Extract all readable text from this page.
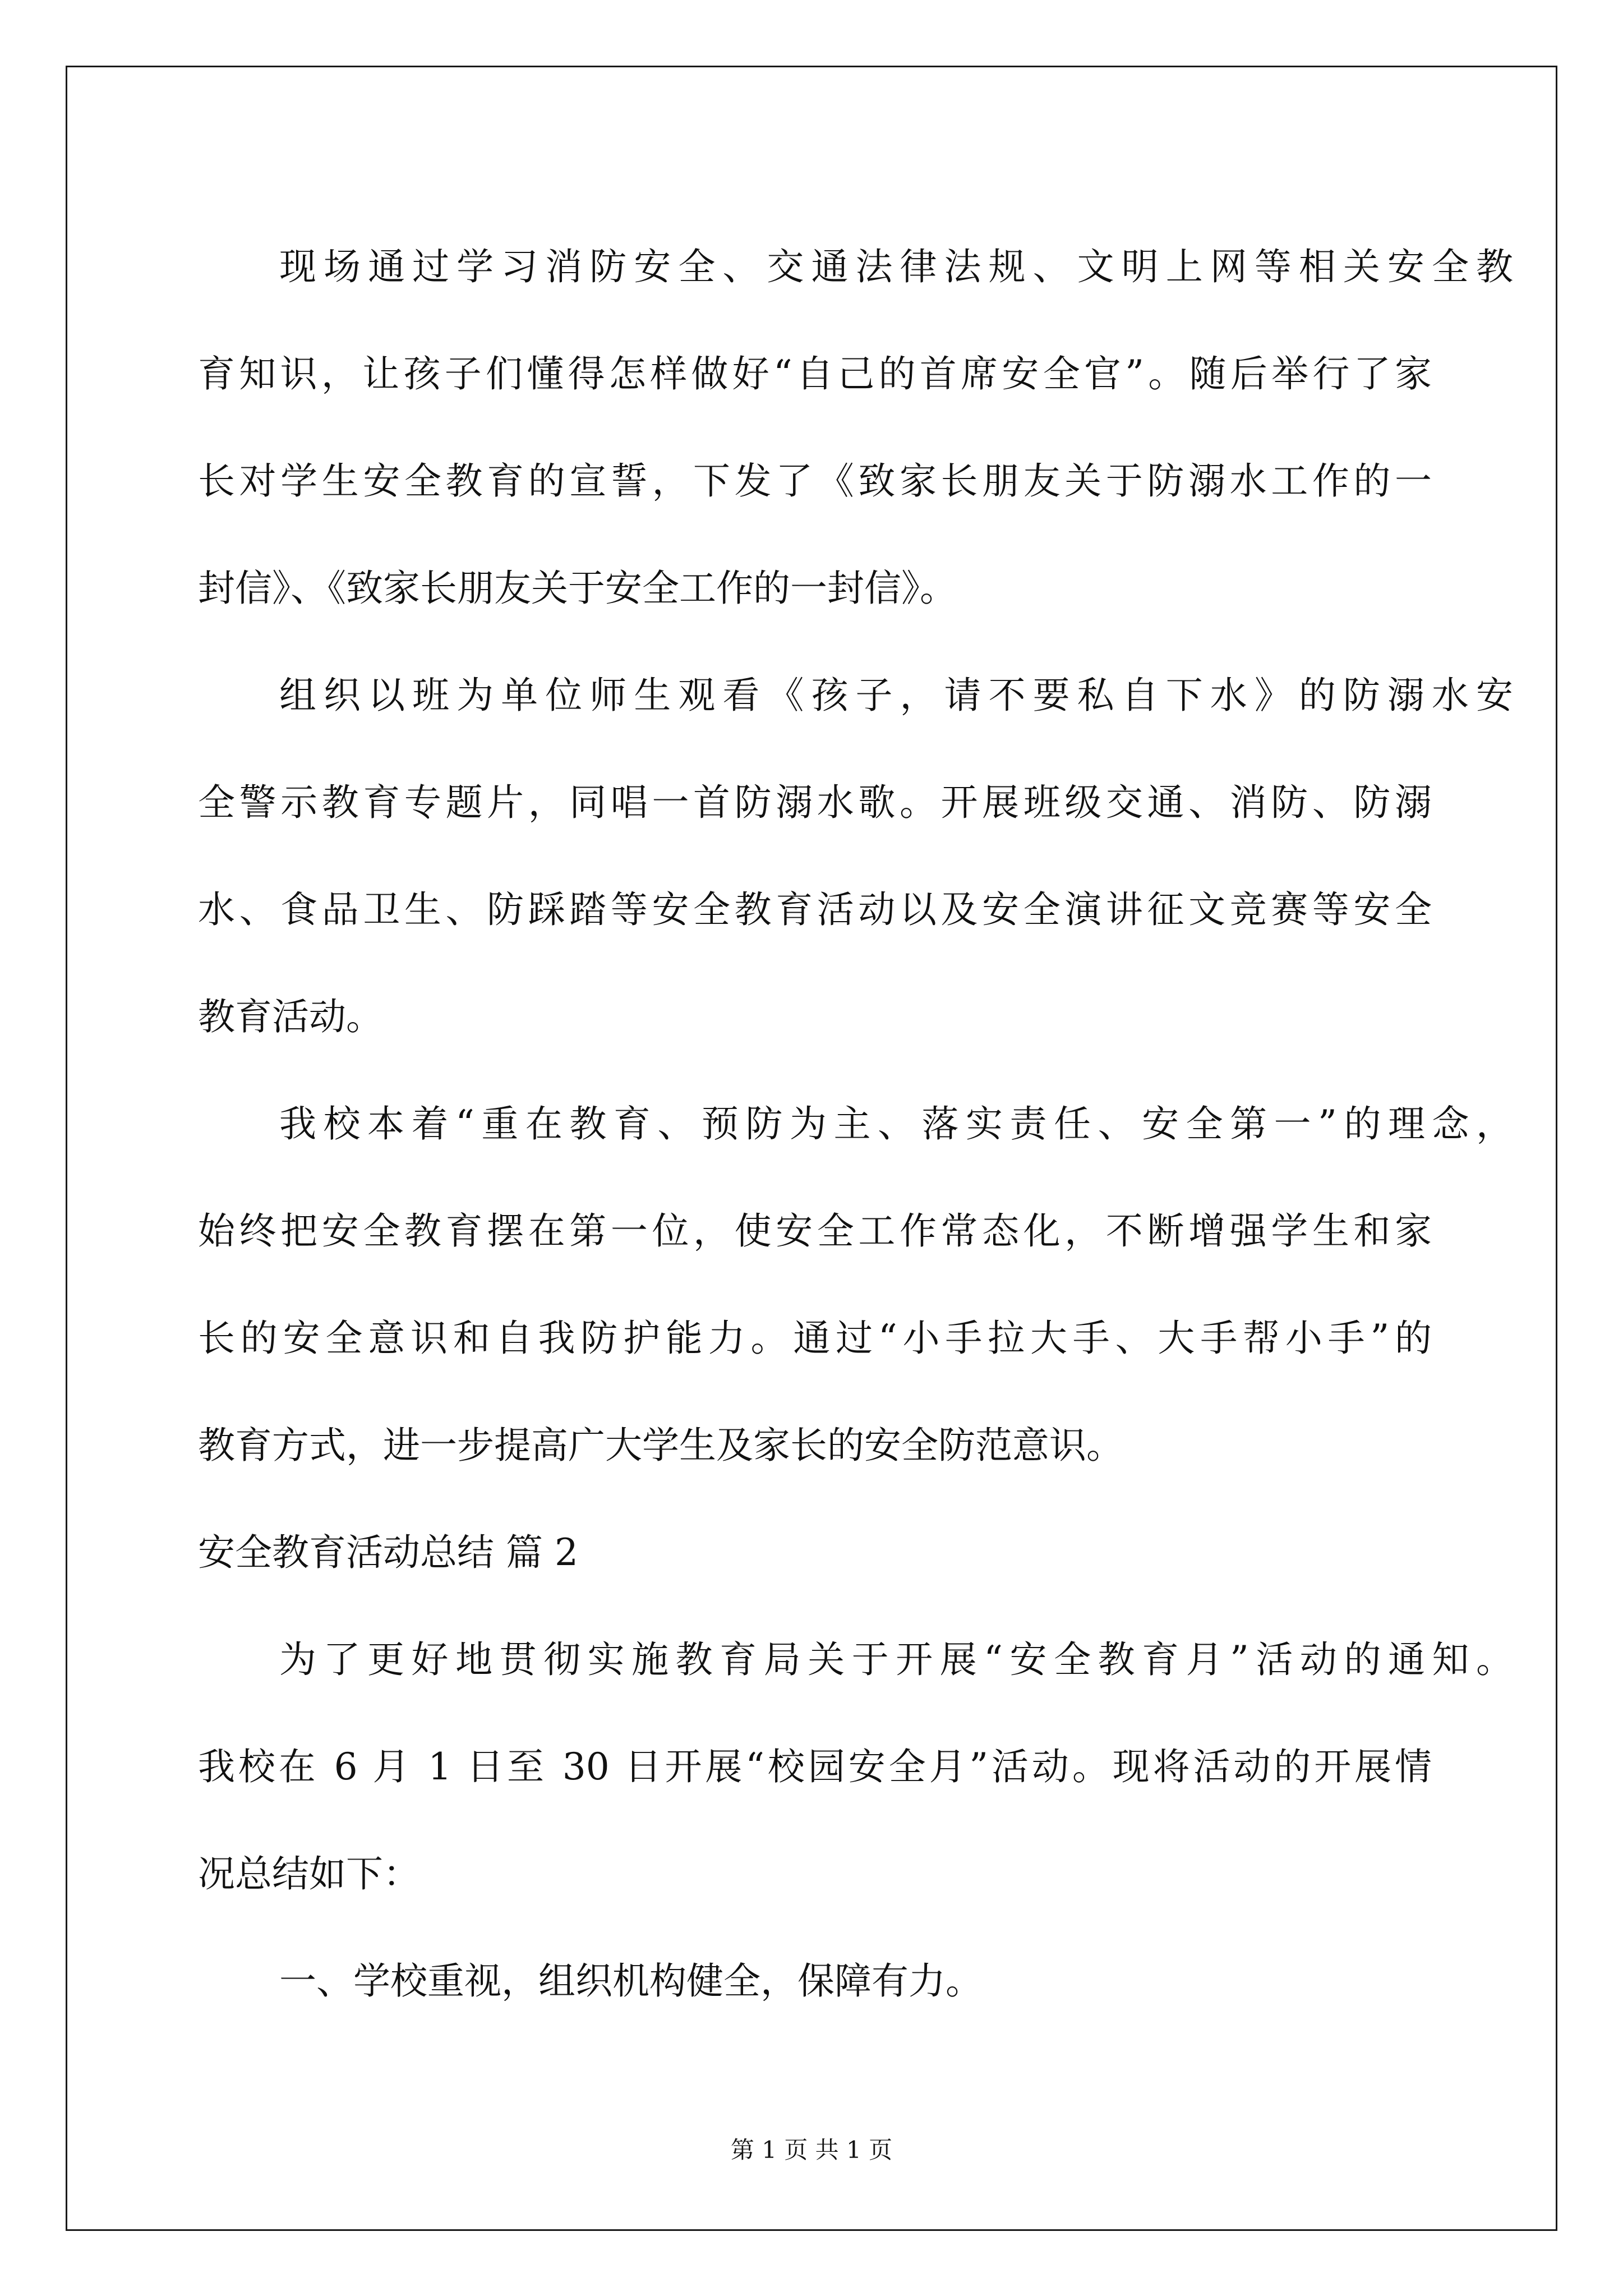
现场通过学习消防安全、交通法律法规、文明上网等相关安全教

育知识，让孩子们懂得怎样做好“自己的首席安全官”。随后举行了家

长对学生安全教育的宣誓，下发了《致家长朋友关于防溺水工作的一

封信》、《致家长朋友关于安全工作的一封信》。

组织以班为单位师生观看《孩子，请不要私自下水》的防溺水安

全警示教育专题片，同唱一首防溺水歌。开展班级交通、消防、防溺

水、食品卫生、防踩踏等安全教育活动以及安全演讲征文竞赛等安全

教育活动。

我校本着“重在教育、预防为主、落实责任、安全第一”的理念，

始终把安全教育摆在第一位，使安全工作常态化，不断增强学生和家

长的安全意识和自我防护能力。通过“小手拉大手、大手帮小手”的

教育方式，进一步提高广大学生及家长的安全防范意识。

安全教育活动总结 篇 2

为了更好地贯彻实施教育局关于开展“安全教育月”活动的通知。

我校在 6 月 1 日至 30 日开展“校园安全月”活动。现将活动的开展情

况总结如下：

一、学校重视，组织机构健全，保障有力。

第 1 页 共 1 页
